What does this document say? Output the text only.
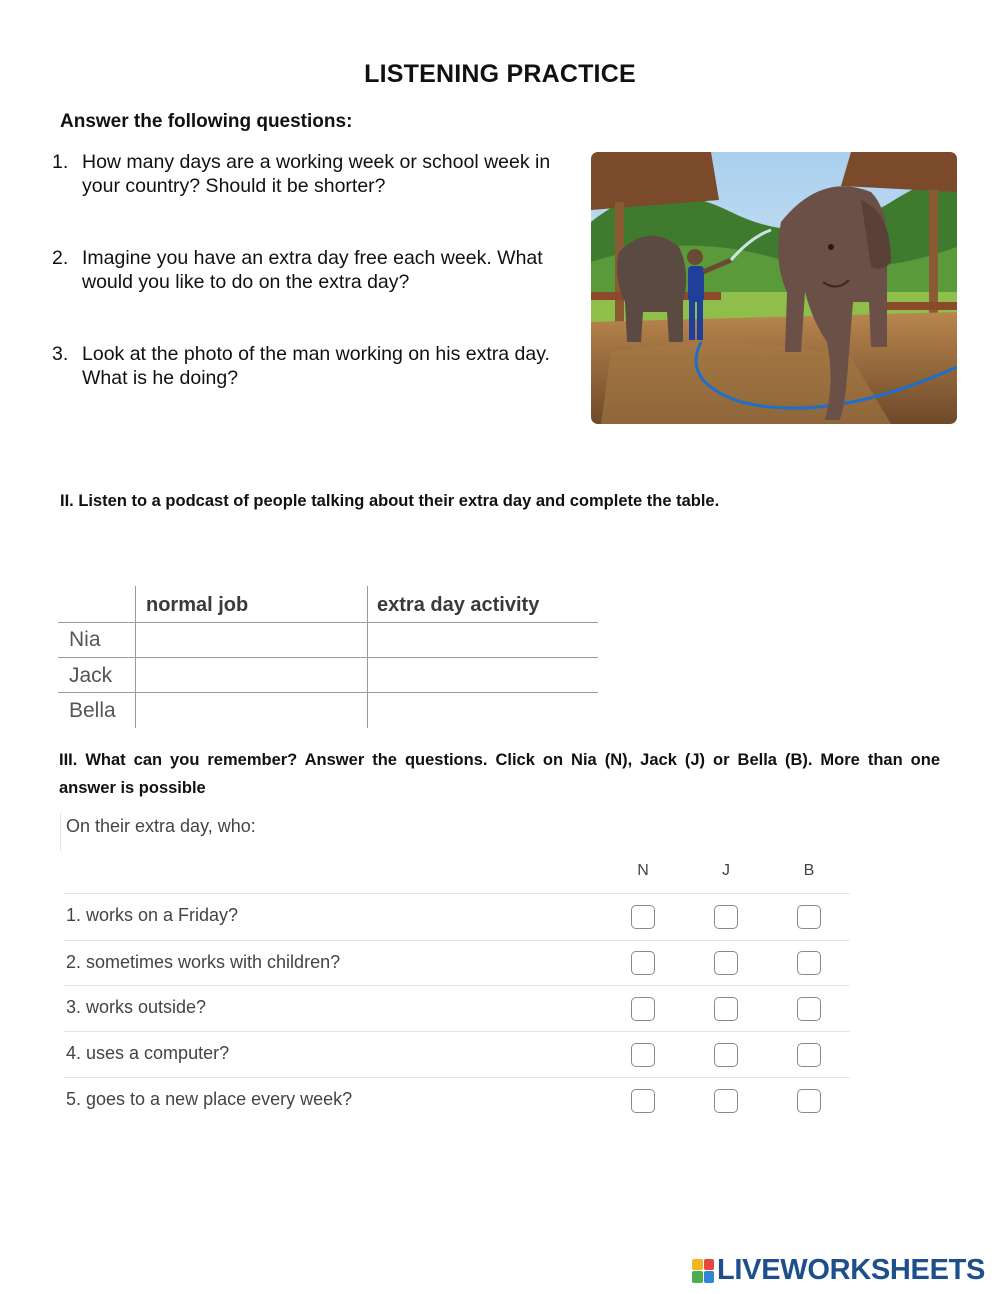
LISTENING PRACTICE
Answer the following questions:
1. How many days are a working week or school week in your country? Should it be shorter?
2. Imagine you have an extra day free each week. What would you like to do on the extra day?
3. Look at the photo of the man working on his extra day. What is he doing?
II. Listen to a podcast of people talking about their extra day and complete the table.
normal job	extra day activity
Nia
Jack
Bella
III. What can you remember? Answer the questions. Click on Nia (N), Jack (J) or Bella (B). More than one
answer is possible
On their extra day, who:
N	J	B
1. works on a Friday?
2. sometimes works with children?
3. works outside?
4. uses a computer?
5. goes to a new place every week?
LIVEWORKSHEETS
